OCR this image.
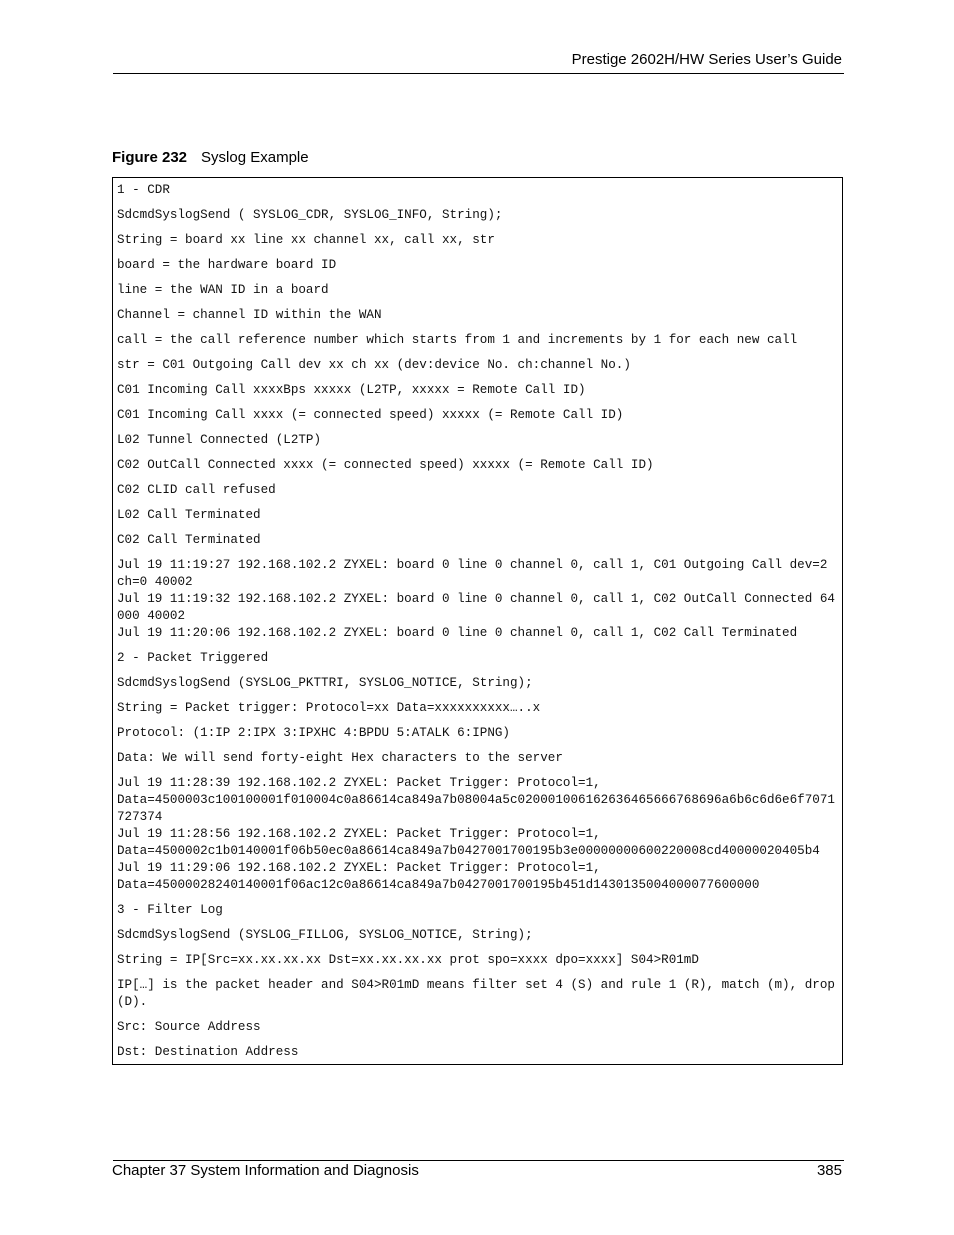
Prestige 2602H/HW Series User’s Guide
Figure 232 Syslog Example
1 - CDR
SdcmdSyslogSend ( SYSLOG_CDR, SYSLOG_INFO, String);
String = board xx line xx channel xx, call xx, str
board = the hardware board ID
line = the WAN ID in a board
Channel = channel ID within the WAN
call = the call reference number which starts from 1 and increments by 1 for each new call
str = C01 Outgoing Call dev xx ch xx (dev:device No. ch:channel No.)
C01 Incoming Call xxxxBps xxxxx (L2TP, xxxxx = Remote Call ID)
C01 Incoming Call xxxx (= connected speed) xxxxx (= Remote Call ID)
L02 Tunnel Connected (L2TP)
C02 OutCall Connected xxxx (= connected speed) xxxxx (= Remote Call ID)
C02 CLID call refused
L02 Call Terminated
C02 Call Terminated
Jul 19 11:19:27 192.168.102.2 ZYXEL: board 0 line 0 channel 0, call 1, C01 Outgoing Call dev=2 ch=0 40002
Jul 19 11:19:32 192.168.102.2 ZYXEL: board 0 line 0 channel 0, call 1, C02 OutCall Connected 64000 40002
Jul 19 11:20:06 192.168.102.2 ZYXEL: board 0 line 0 channel 0, call 1, C02 Call Terminated
2 - Packet Triggered
SdcmdSyslogSend (SYSLOG_PKTTRI, SYSLOG_NOTICE, String);
String = Packet trigger: Protocol=xx Data=xxxxxxxxxx…..x
Protocol: (1:IP 2:IPX 3:IPXHC 4:BPDU 5:ATALK 6:IPNG)
Data: We will send forty-eight Hex characters to the server
Jul 19 11:28:39 192.168.102.2 ZYXEL: Packet Trigger: Protocol=1,
Data=4500003c100100001f010004c0a86614ca849a7b08004a5c020001006162636465666768696a6b6c6d6e6f7071727374
Jul 19 11:28:56 192.168.102.2 ZYXEL: Packet Trigger: Protocol=1,
Data=4500002c1b0140001f06b50ec0a86614ca849a7b0427001700195b3e00000000600220008cd40000020405b4
Jul 19 11:29:06 192.168.102.2 ZYXEL: Packet Trigger: Protocol=1,
Data=45000028240140001f06ac12c0a86614ca849a7b0427001700195b451d1430135004000077600000
3 - Filter Log
SdcmdSyslogSend (SYSLOG_FILLOG, SYSLOG_NOTICE, String);
String = IP[Src=xx.xx.xx.xx Dst=xx.xx.xx.xx prot spo=xxxx dpo=xxxx] S04>R01mD
IP[…] is the packet header and S04>R01mD means filter set 4 (S) and rule 1 (R), match (m), drop (D).
Src: Source Address
Dst: Destination Address
Chapter 37 System Information and Diagnosis	385
